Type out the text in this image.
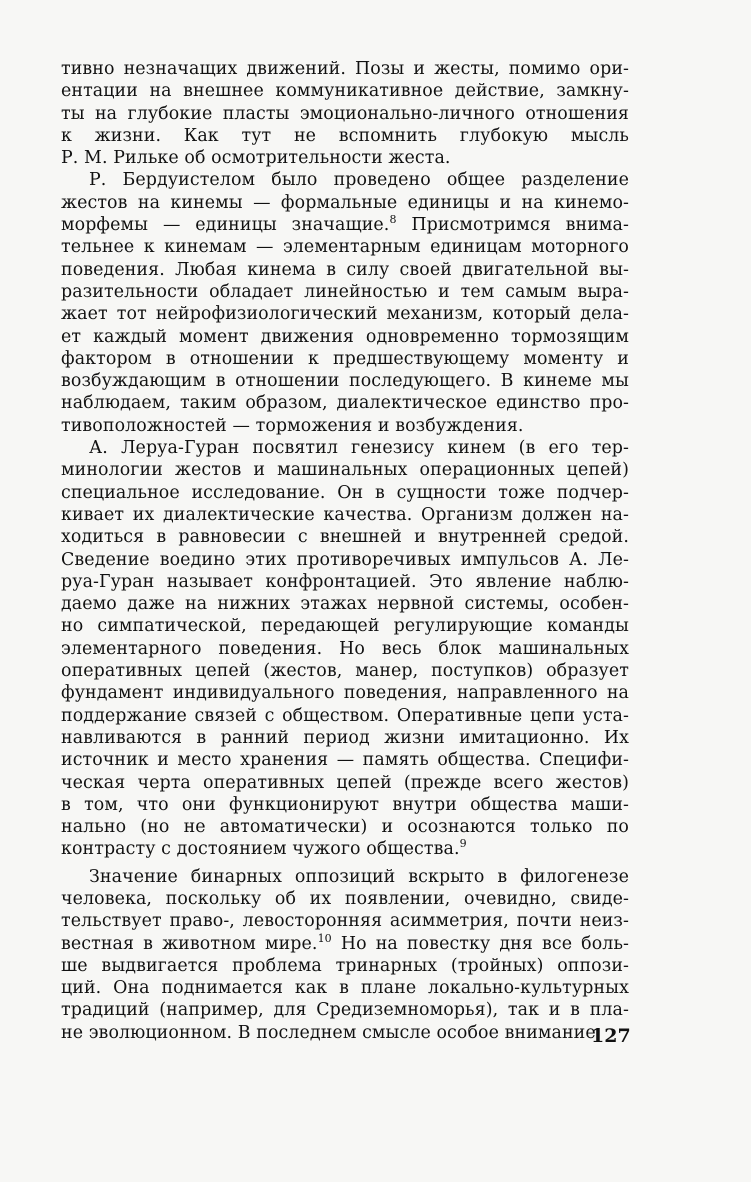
тивно незначащих движений. Позы и жесты, помимо ори-
ентации на внешнее коммуникативное действие, замкну-
ты на глубокие пласты эмоционально-личного отношения
к жизни. Как тут не вспомнить глубокую мысль
Р. М. Рильке об осмотрительности жеста.
Р. Бердуистелом было проведено общее разделение
жестов на кинемы — формальные единицы и на кинемо-
морфемы — единицы значащие.$^8$ Присмотримся внима-
тельнее к кинемам — элементарным единицам моторного
поведения. Любая кинема в силу своей двигательной вы-
разительности обладает линейностью и тем самым выра-
жает тот нейрофизиологический механизм, который дела-
ет каждый момент движения одновременно тормозящим
фактором в отношении к предшествующему моменту и
возбуждающим в отношении последующего. В кинеме мы
наблюдаем, таким образом, диалектическое единство про-
тивоположностей — торможения и возбуждения.
А. Леруа-Гуран посвятил генезису кинем (в его тер-
минологии жестов и машинальных операционных цепей)
специальное исследование. Он в сущности тоже подчер-
кивает их диалектические качества. Организм должен на-
ходиться в равновесии с внешней и внутренней средой.
Сведение воедино этих противоречивых импульсов А. Ле-
руа-Гуран называет конфронтацией. Это явление наблю-
даемо даже на нижних этажах нервной системы, особен-
но симпатической, передающей регулирующие команды
элементарного поведения. Но весь блок машинальных
оперативных цепей (жестов, манер, поступков) образует
фундамент индивидуального поведения, направленного на
поддержание связей с обществом. Оперативные цепи уста-
навливаются в ранний период жизни имитационно. Их
источник и место хранения — память общества. Специфи-
ческая черта оперативных цепей (прежде всего жестов)
в том, что они функционируют внутри общества маши-
нально (но не автоматически) и осознаются только по
контрасту с достоянием чужого общества.$^9$
Значение бинарных оппозиций вскрыто в филогенезе
человека, поскольку об их появлении, очевидно, свиде-
тельствует право-, левосторонняя асимметрия, почти неиз-
вестная в животном мире.$^{10}$ Но на повестку дня все боль-
ше выдвигается проблема тринарных (тройных) оппози-
ций. Она поднимается как в плане локально-культурных
традиций (например, для Средиземноморья), так и в пла-
не эволюционном. В последнем смысле особое внимание
127
